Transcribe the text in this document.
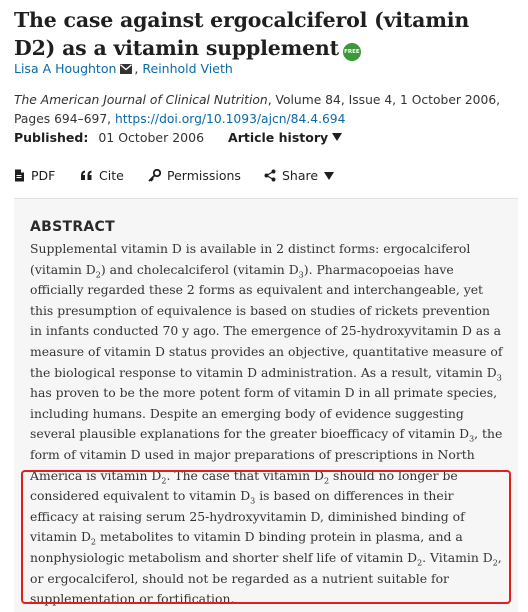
The case against ergocalciferol (vitamin D2) as a vitamin supplement FREE
Lisa A Houghton , Reinhold Vieth
The American Journal of Clinical Nutrition, Volume 84, Issue 4, 1 October 2006, Pages 694–697, https://doi.org/10.1093/ajcn/84.4.694
Published: 01 October 2006 Article history
PDF	Cite	Permissions	Share
ABSTRACT

Supplemental vitamin D is available in 2 distinct forms: ergocalciferol (vitamin $D_2$) and cholecalciferol (vitamin $D_3$). Pharmacopoeias have officially regarded these 2 forms as equivalent and interchangeable, yet this presumption of equivalence is based on studies of rickets prevention in infants conducted 70 y ago. The emergence of 25-hydroxyvitamin D as a measure of vitamin D status provides an objective, quantitative measure of the biological response to vitamin D administration. As a result, vitamin $D_3$ has proven to be the more potent form of vitamin D in all primate species, including humans. Despite an emerging body of evidence suggesting several plausible explanations for the greater bioefficacy of vitamin $D_3$, the form of vitamin D used in major preparations of prescriptions in North America is vitamin $D_2$. The case that vitamin $D_2$ should no longer be considered equivalent to vitamin $D_3$ is based on differences in their efficacy at raising serum 25-hydroxyvitamin D, diminished binding of vitamin $D_2$ metabolites to vitamin D binding protein in plasma, and a nonphysiologic metabolism and shorter shelf life of vitamin $D_2$. Vitamin $D_2$, or ergocalciferol, should not be regarded as a nutrient suitable for supplementation or fortification.
